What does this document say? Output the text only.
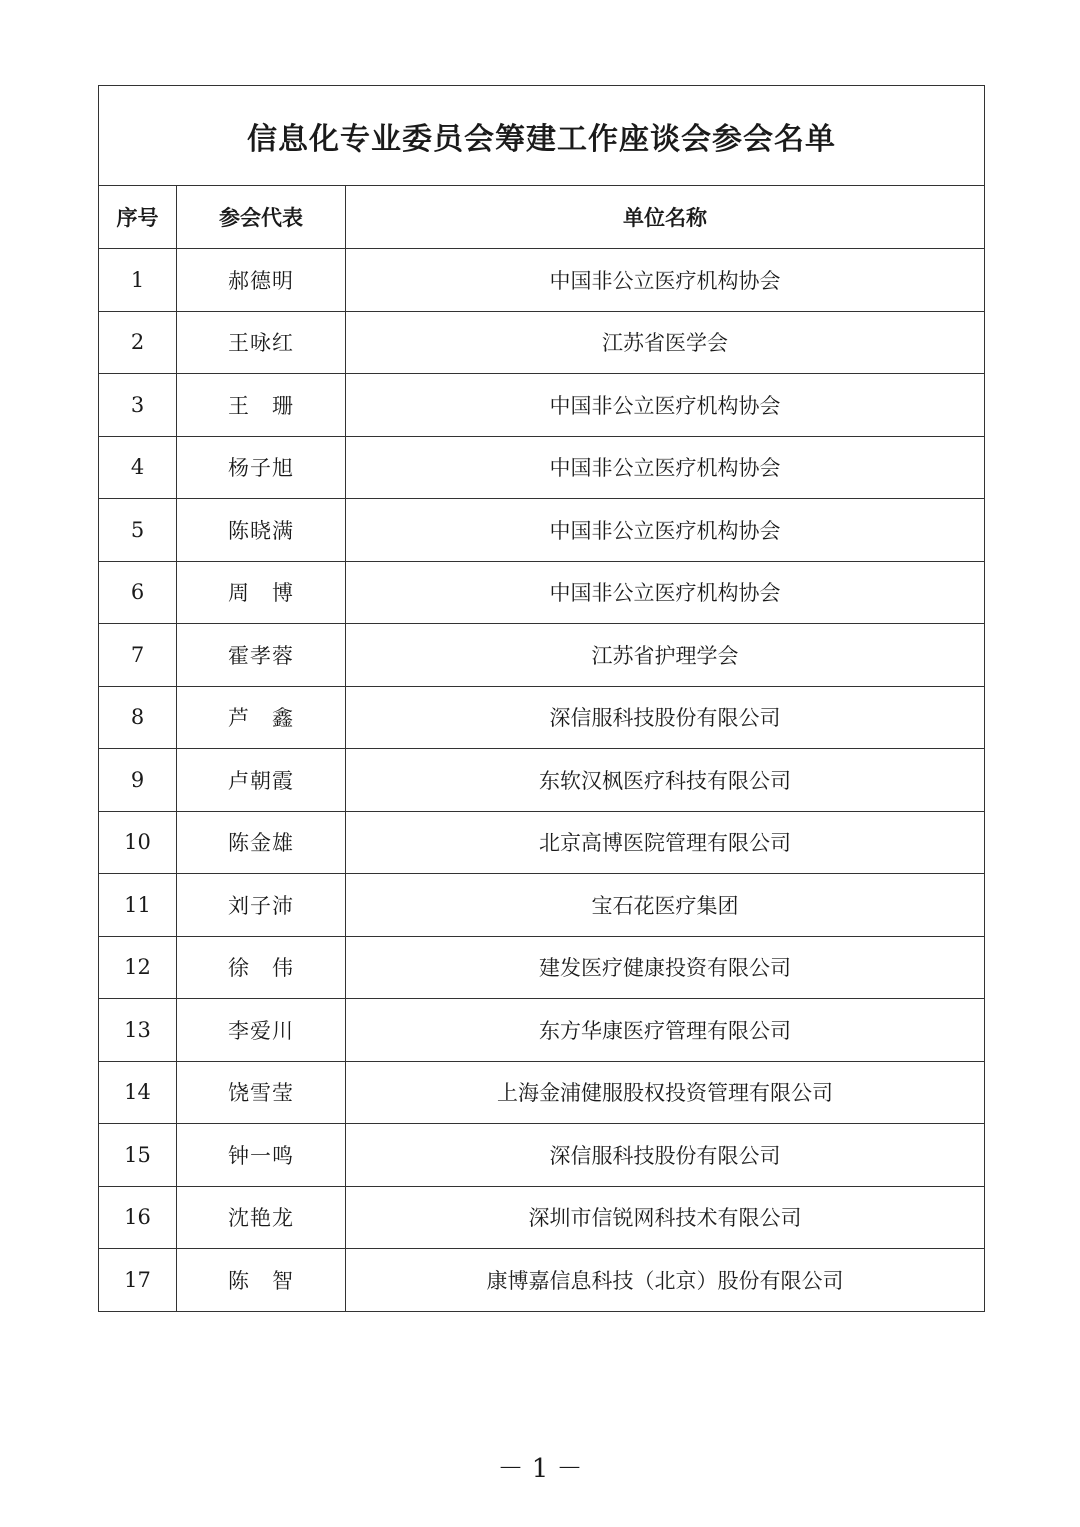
信息化专业委员会筹建工作座谈会参会名单		
序号	参会代表	单位名称
1	郝德明	中国非公立医疗机构协会
2	王咏红	江苏省医学会
3	王　珊	中国非公立医疗机构协会
4	杨子旭	中国非公立医疗机构协会
5	陈晓满	中国非公立医疗机构协会
6	周　博	中国非公立医疗机构协会
7	霍孝蓉	江苏省护理学会
8	芦　鑫	深信服科技股份有限公司
9	卢朝霞	东软汉枫医疗科技有限公司
10	陈金雄	北京高博医院管理有限公司
11	刘子沛	宝石花医疗集团
12	徐　伟	建发医疗健康投资有限公司
13	李爱川	东方华康医疗管理有限公司
14	饶雪莹	上海金浦健服股权投资管理有限公司
15	钟一鸣	深信服科技股份有限公司
16	沈艳龙	深圳市信锐网科技术有限公司
17	陈　智	康博嘉信息科技（北京）股份有限公司
－ 1 －
